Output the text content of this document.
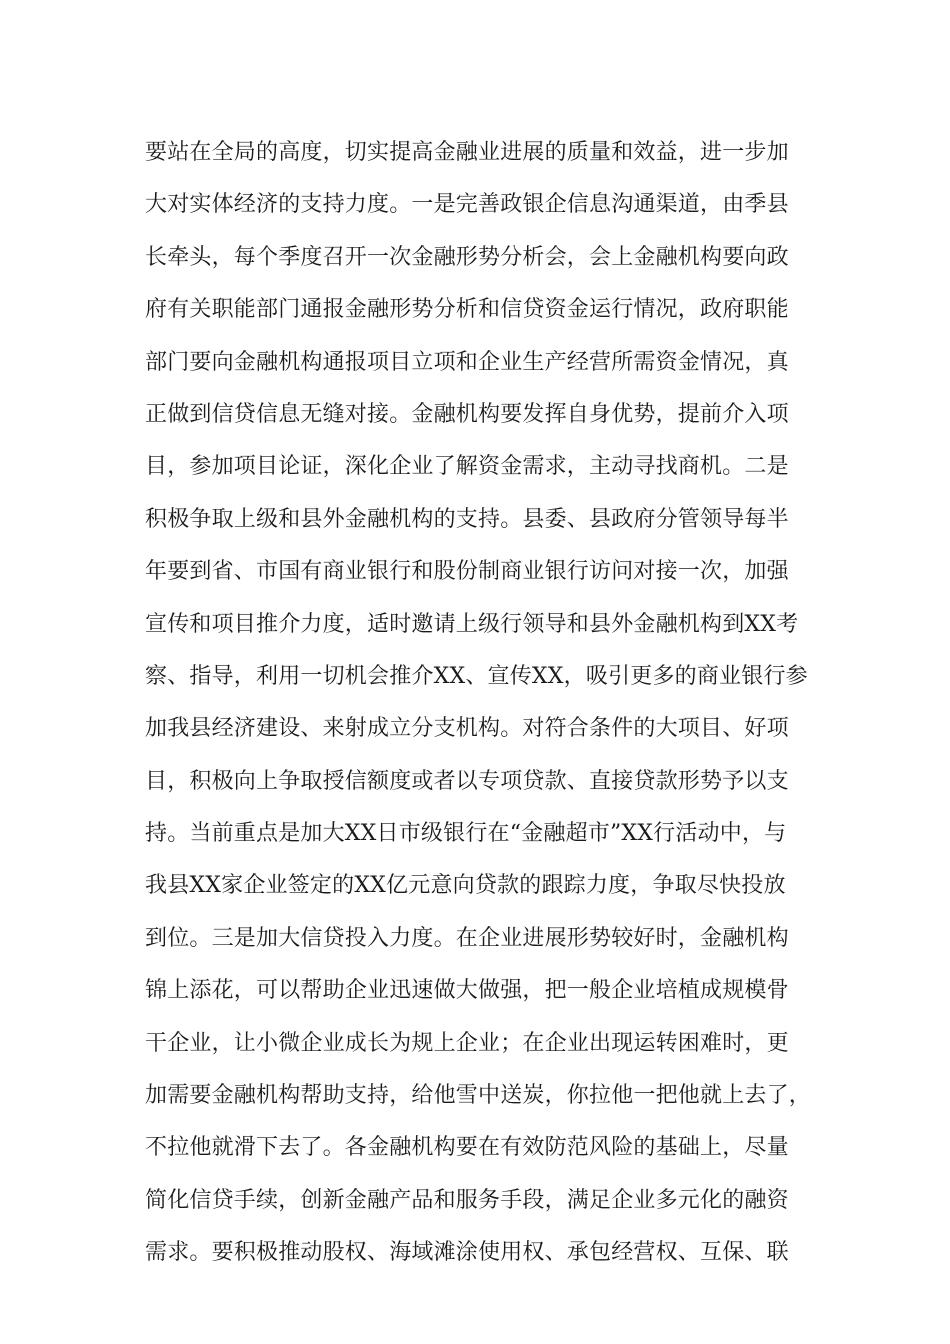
要站在全局的高度，切实提高金融业进展的质量和效益，进一步加
大对实体经济的支持力度。一是完善政银企信息沟通渠道，由季县
长牵头，每个季度召开一次金融形势分析会，会上金融机构要向政
府有关职能部门通报金融形势分析和信贷资金运行情况，政府职能
部门要向金融机构通报项目立项和企业生产经营所需资金情况，真
正做到信贷信息无缝对接。金融机构要发挥自身优势，提前介入项
目，参加项目论证，深化企业了解资金需求，主动寻找商机。二是
积极争取上级和县外金融机构的支持。县委、县政府分管领导每半
年要到省、市国有商业银行和股份制商业银行访问对接一次，加强
宣传和项目推介力度，适时邀请上级行领导和县外金融机构到XX考
察、指导，利用一切机会推介XX、宣传XX，吸引更多的商业银行参
加我县经济建设、来射成立分支机构。对符合条件的大项目、好项
目，积极向上争取授信额度或者以专项贷款、直接贷款形势予以支
持。当前重点是加大XX日市级银行在“金融超市”XX行活动中，与
我县XX家企业签定的XX亿元意向贷款的跟踪力度，争取尽快投放
到位。三是加大信贷投入力度。在企业进展形势较好时，金融机构
锦上添花，可以帮助企业迅速做大做强，把一般企业培植成规模骨
干企业，让小微企业成长为规上企业；在企业出现运转困难时，更
加需要金融机构帮助支持，给他雪中送炭，你拉他一把他就上去了，
不拉他就滑下去了。各金融机构要在有效防范风险的基础上，尽量
简化信贷手续，创新金融产品和服务手段，满足企业多元化的融资
需求。要积极推动股权、海域滩涂使用权、承包经营权、互保、联
